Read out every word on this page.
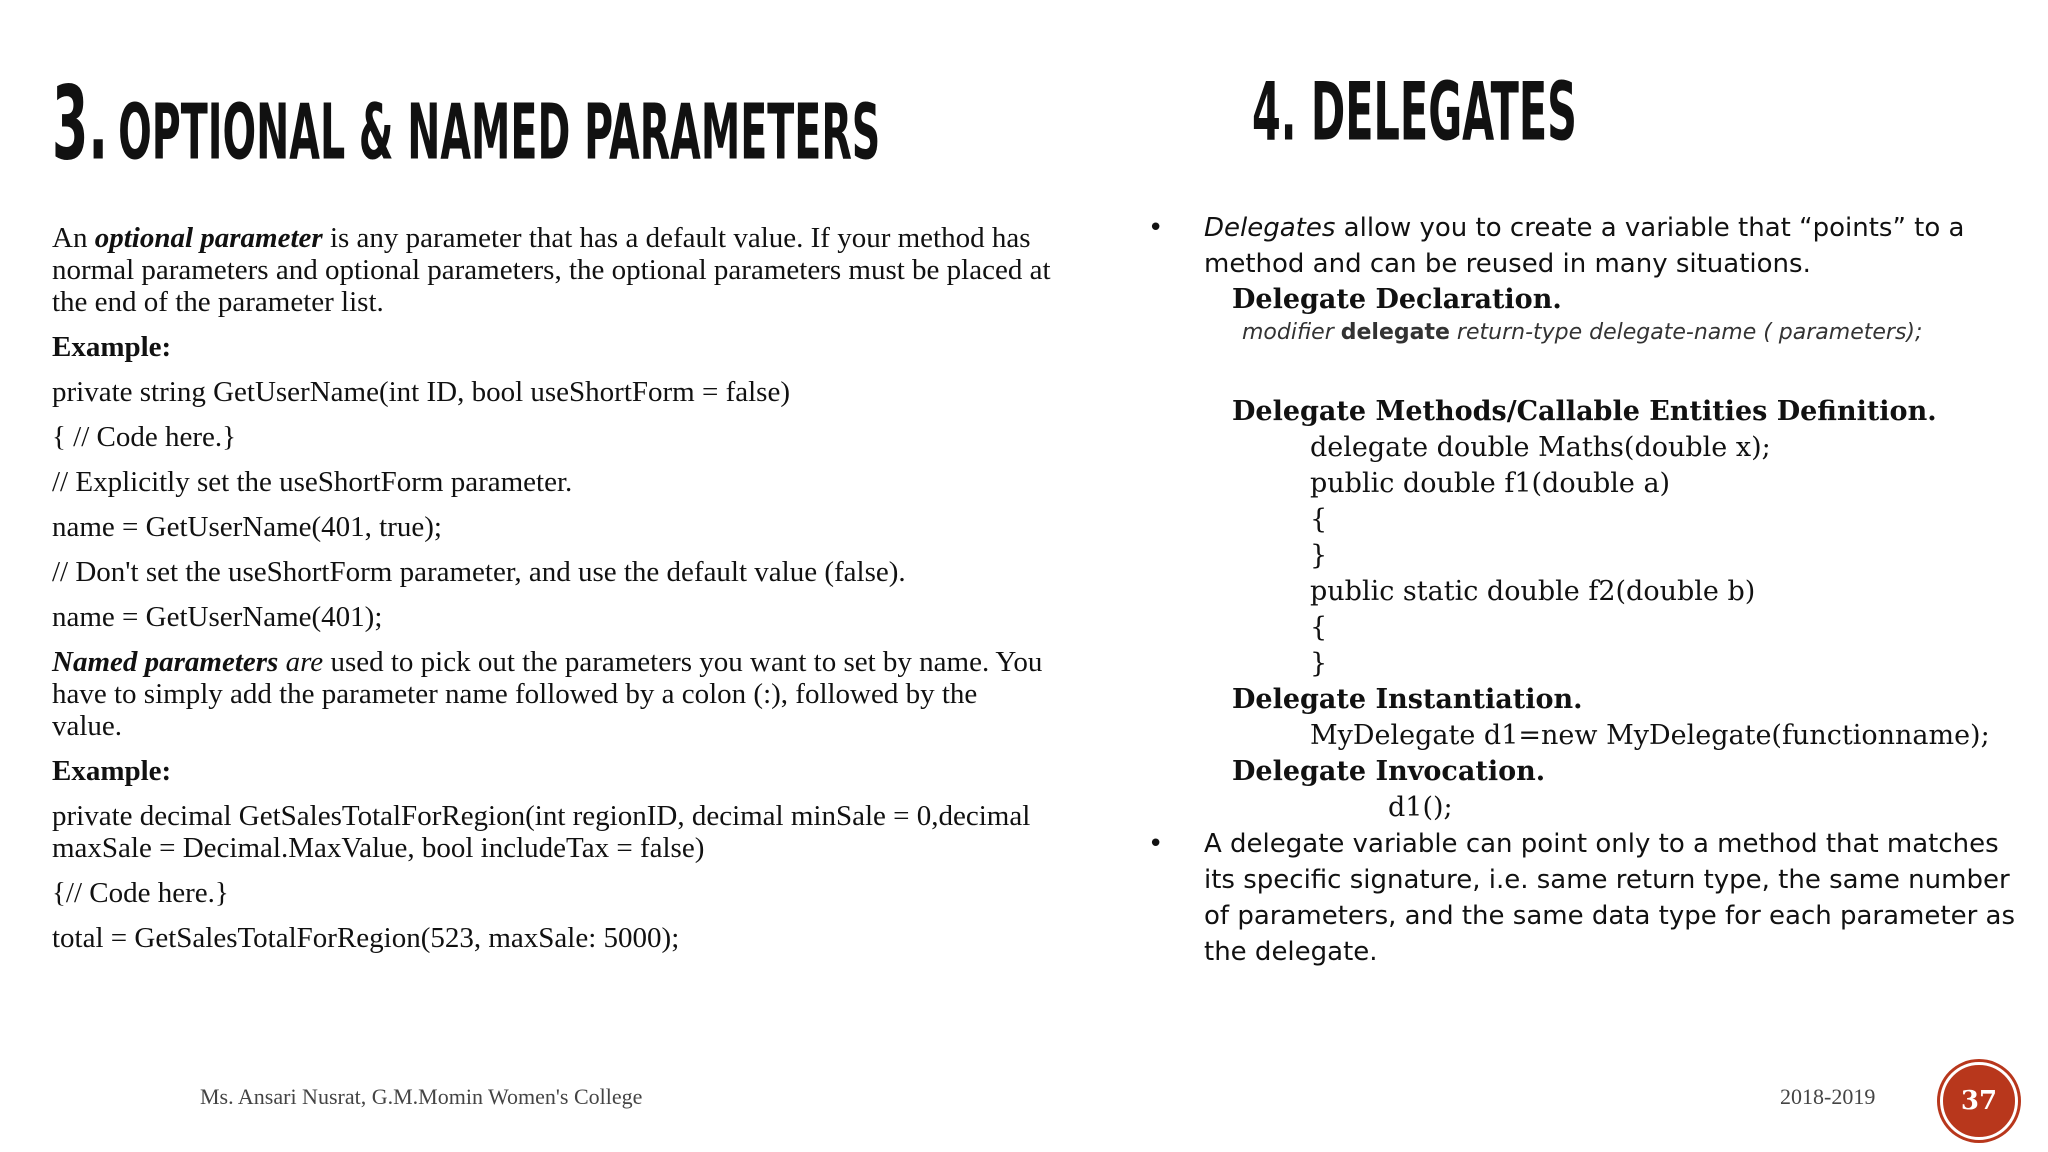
3. OPTIONAL & NAMED PARAMETERS	4. DELEGATES

An optional parameter is any parameter that has a default value. If your method has normal parameters and optional parameters, the optional parameters must be placed at the end of the parameter list.

Example:

private string GetUserName(int ID, bool useShortForm = false)

{ // Code here.}

// Explicitly set the useShortForm parameter.

name = GetUserName(401, true);

// Don't set the useShortForm parameter, and use the default value (false).

name = GetUserName(401);

Named parameters are used to pick out the parameters you want to set by name. You have to simply add the parameter name followed by a colon (:), followed by the value.

Example:

private decimal GetSalesTotalForRegion(int regionID, decimal minSale = 0,decimal maxSale = Decimal.MaxValue, bool includeTax = false)

{// Code here.}

total = GetSalesTotalForRegion(523, maxSale: 5000);

• Delegates allow you to create a variable that “points” to a method and can be reused in many situations.
Delegate Declaration.
modifier delegate return-type delegate-name ( parameters);
Delegate Methods/Callable Entities Definition.
delegate double Maths(double x);
public double f1(double a)
{
}
public static double f2(double b)
{
}
Delegate Instantiation.
MyDelegate d1=new MyDelegate(functionname);
Delegate Invocation.
d1();
• A delegate variable can point only to a method that matches its specific signature, i.e. same return type, the same number of parameters, and the same data type for each parameter as the delegate.
Ms. Ansari Nusrat, G.M.Momin Women's College	2018-2019	37
